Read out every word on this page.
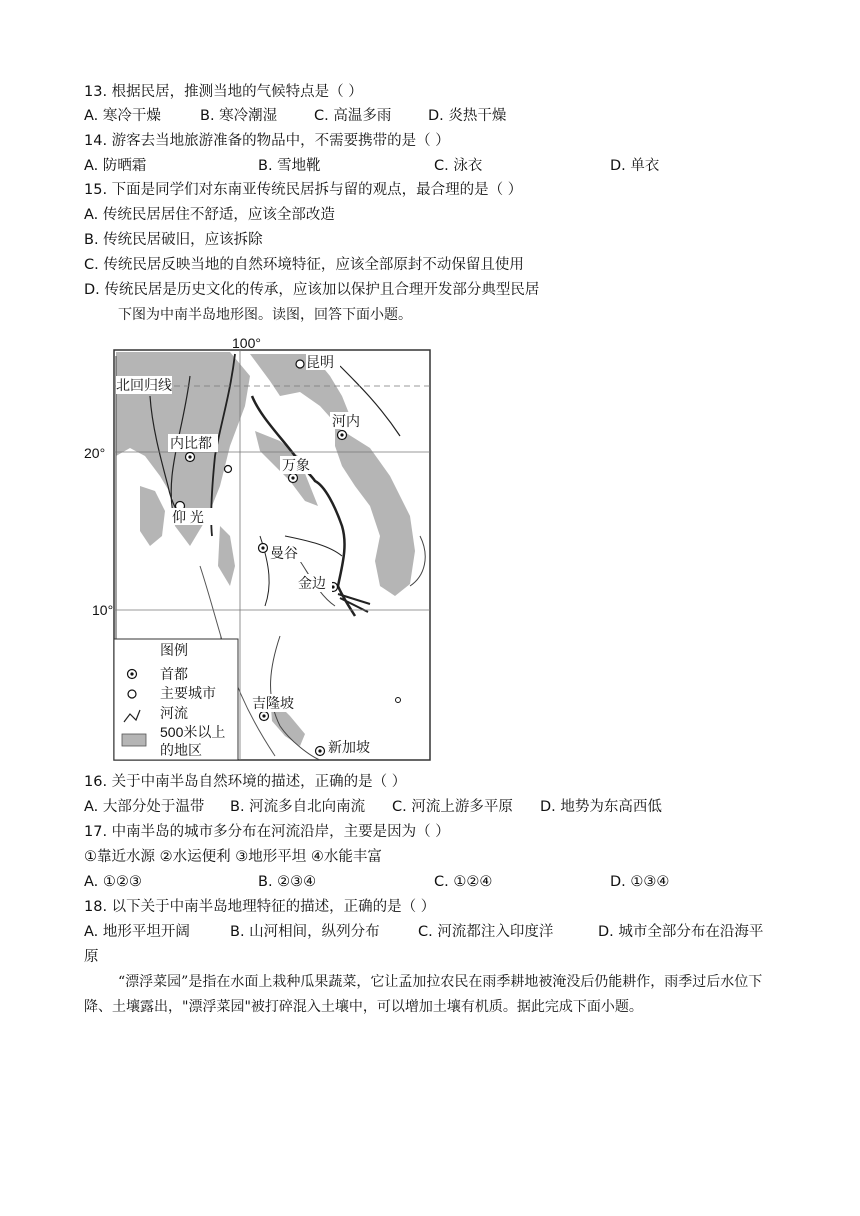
13. 根据民居，推测当地的气候特点是（ ）
A. 寒冷干燥	B. 寒冷潮湿	C. 高温多雨	D. 炎热干燥
14. 游客去当地旅游准备的物品中，不需要携带的是（ ）
A. 防晒霜	B. 雪地靴	C. 泳衣	D. 单衣
15. 下面是同学们对东南亚传统民居拆与留的观点，最合理的是（ ）
A. 传统民居居住不舒适，应该全部改造
B. 传统民居破旧，应该拆除
C. 传统民居反映当地的自然环境特征，应该全部原封不动保留且使用
D. 传统民居是历史文化的传承，应该加以保护且合理开发部分典型民居
下图为中南半岛地形图。读图，回答下面小题。
100°
20°
10°
北回归线
昆明
河内
内比都
万象
仰 光
曼谷
金边
吉隆坡
新加坡
图例
首都
主要城市
河流
500米以上
的地区
16. 关于中南半岛自然环境的描述，正确的是（ ）
A. 大部分处于温带 B. 河流多自北向南流 C. 河流上游多平原 D. 地势为东高西低
17. 中南半岛的城市多分布在河流沿岸，主要是因为（ ）
①靠近水源 ②水运便利 ③地形平坦 ④水能丰富
A. ①②③	B. ②③④	C. ①②④	D. ①③④
18. 以下关于中南半岛地理特征的描述，正确的是（ ）
A. 地形平坦开阔	B. 山河相间，纵列分布	C. 河流都注入印度洋	D. 城市全部分布在沿海平
原
“漂浮菜园”是指在水面上栽种瓜果蔬菜，它让孟加拉农民在雨季耕地被淹没后仍能耕作，雨季过后水位下降、土壤露出，"漂浮菜园"被打碎混入土壤中，可以增加土壤有机质。据此完成下面小题。
